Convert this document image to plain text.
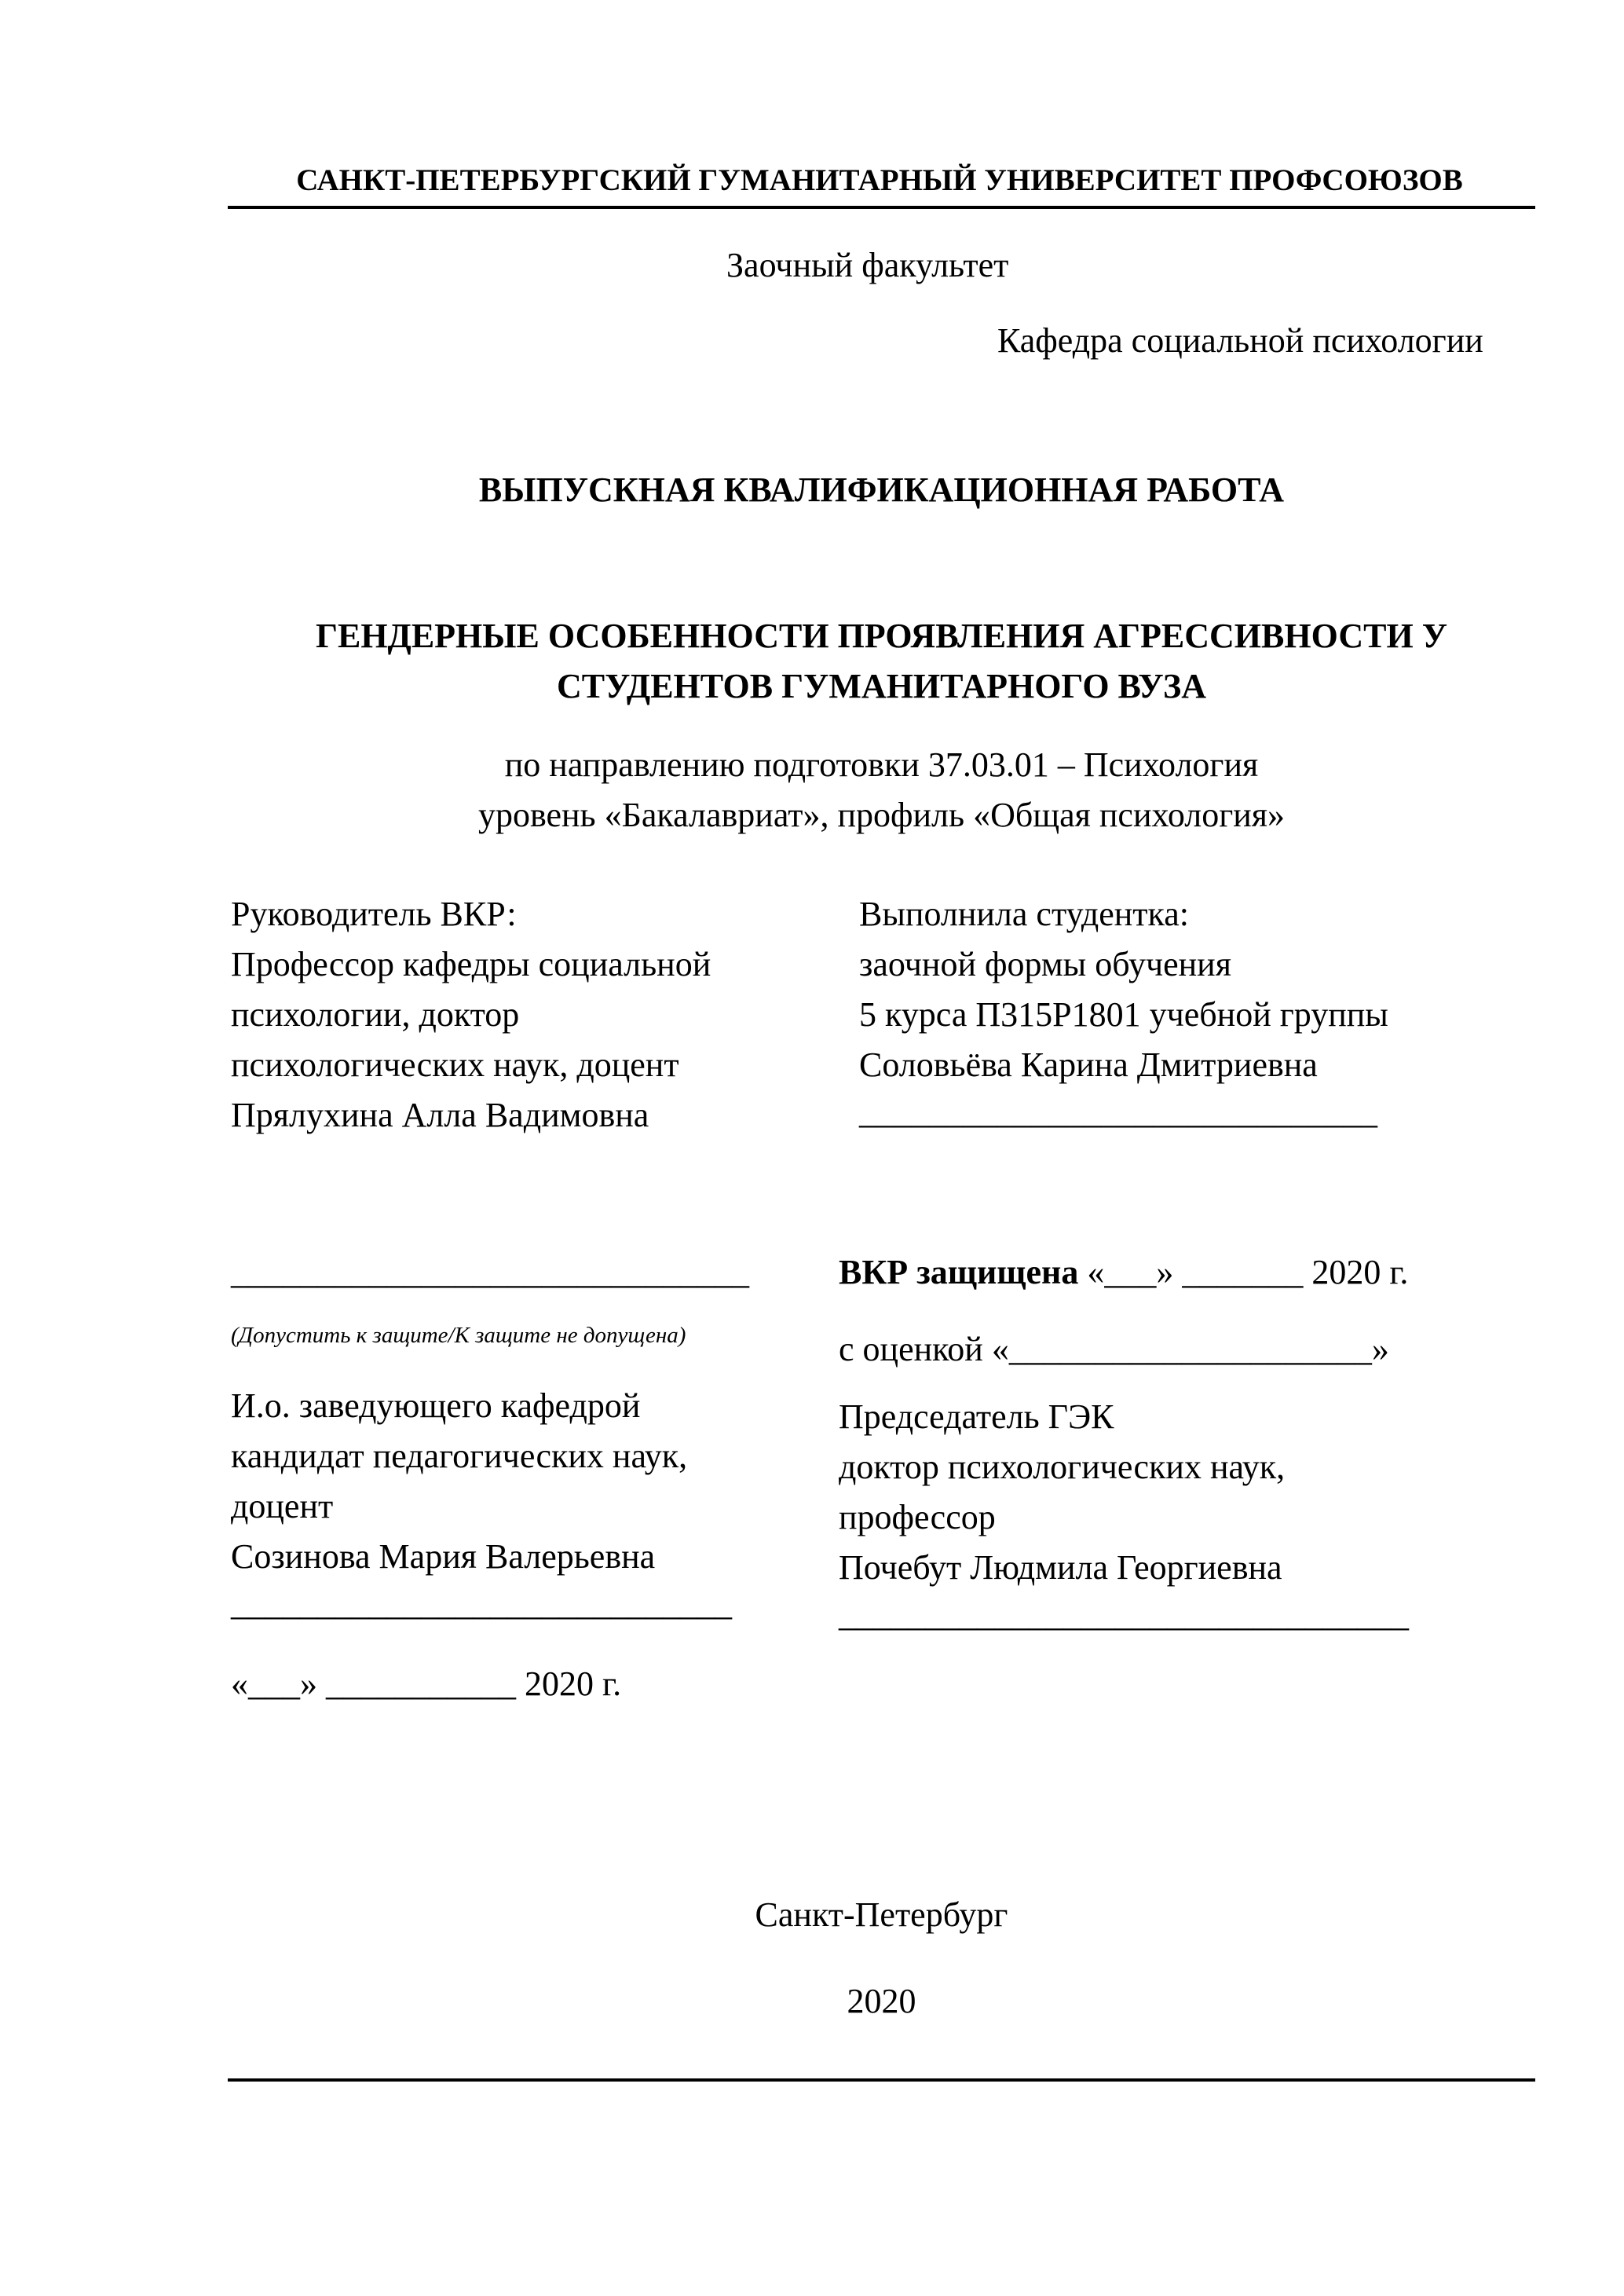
САНКТ-ПЕТЕРБУРГСКИЙ ГУМАНИТАРНЫЙ УНИВЕРСИТЕТ ПРОФСОЮЗОВ
Заочный факультет
Кафедра социальной психологии
ВЫПУСКНАЯ КВАЛИФИКАЦИОННАЯ РАБОТА
ГЕНДЕРНЫЕ ОСОБЕННОСТИ ПРОЯВЛЕНИЯ АГРЕССИВНОСТИ У
СТУДЕНТОВ ГУМАНИТАРНОГО ВУЗА
по направлению подготовки 37.03.01 – Психология
уровень «Бакалавриат», профиль «Общая психология»
Руководитель ВКР:
Профессор кафедры социальной
психологии, доктор
психологических наук, доцент
Прялухина Алла Вадимовна
Выполнила студентка:
заочной формы обучения
5 курса П315Р1801 учебной группы
Соловьёва Карина Дмитриевна
______________________________
______________________________
(Допустить к защите/К защите не допущена)
И.о. заведующего кафедрой
кандидат педагогических наук,
доцент
Созинова Мария Валерьевна
_____________________________
«___» ___________ 2020 г.
ВКР защищена «___» _______ 2020 г.
с оценкой «_____________________»
Председатель ГЭК
доктор психологических наук,
профессор
Почебут Людмила Георгиевна
_________________________________
Санкт-Петербург
2020
